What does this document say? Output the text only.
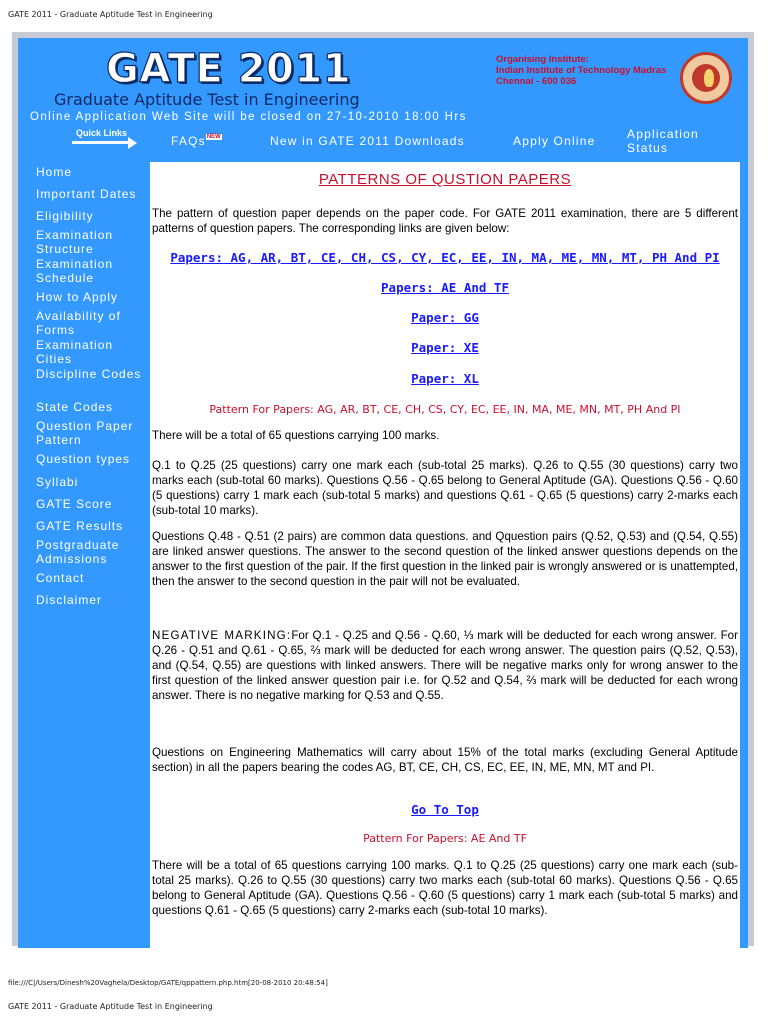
GATE 2011 - Graduate Aptitude Test in Engineering
GATE 2011
Graduate Aptitude Test in Engineering
Organising Institute:
Indian Institute of Technology Madras
Chennai - 600 036
Online Application Web Site will be closed on 27-10-2010 18:00 Hrs
Quick Links
FAQsNEW	New in GATE 2011 Downloads	Apply Online	Application
Status
Home
Important Dates
Eligibility
Examination Structure
Examination Schedule
How to Apply
Availability of Forms
Examination Cities
Discipline Codes
State Codes
Question Paper Pattern
Question types
Syllabi
GATE Score
GATE Results
Postgraduate Admissions
Contact
Disclaimer
PATTERNS OF QUSTION PAPERS
The pattern of question paper depends on the paper code. For GATE 2011 examination, there are 5 different patterns of question papers. The corresponding links are given below:
Papers: AG, AR, BT, CE, CH, CS, CY, EC, EE, IN, MA, ME, MN, MT, PH And PI
Papers: AE And TF
Paper: GG
Paper: XE
Paper: XL
Pattern For Papers: AG, AR, BT, CE, CH, CS, CY, EC, EE, IN, MA, ME, MN, MT, PH And PI
There will be a total of 65 questions carrying 100 marks.
Q.1 to Q.25 (25 questions) carry one mark each (sub-total 25 marks). Q.26 to Q.55 (30 questions) carry two marks each (sub-total 60 marks). Questions Q.56 - Q.65 belong to General Aptitude (GA). Questions Q.56 - Q.60 (5 questions) carry 1 mark each (sub-total 5 marks) and questions Q.61 - Q.65 (5 questions) carry 2-marks each (sub-total 10 marks).
Questions Q.48 - Q.51 (2 pairs) are common data questions. and Qquestion pairs (Q.52, Q.53) and (Q.54, Q.55) are linked answer questions. The answer to the second question of the linked answer questions depends on the answer to the first question of the pair. If the first question in the linked pair is wrongly answered or is unattempted, then the answer to the second question in the pair will not be evaluated.
NEGATIVE MARKING:For Q.1 - Q.25 and Q.56 - Q.60, ⅓ mark will be deducted for each wrong answer. For Q.26 - Q.51 and Q.61 - Q.65, ⅔ mark will be deducted for each wrong answer. The question pairs (Q.52, Q.53), and (Q.54, Q.55) are questions with linked answers. There will be negative marks only for wrong answer to the first question of the linked answer question pair i.e. for Q.52 and Q.54, ⅔ mark will be deducted for each wrong answer. There is no negative marking for Q.53 and Q.55.
Questions on Engineering Mathematics will carry about 15% of the total marks (excluding General Aptitude section) in all the papers bearing the codes AG, BT, CE, CH, CS, EC, EE, IN, ME, MN, MT and PI.
Go To Top
Pattern For Papers: AE And TF
There will be a total of 65 questions carrying 100 marks. Q.1 to Q.25 (25 questions) carry one mark each (sub-total 25 marks). Q.26 to Q.55 (30 questions) carry two marks each (sub-total 60 marks). Questions Q.56 - Q.65 belong to General Aptitude (GA). Questions Q.56 - Q.60 (5 questions) carry 1 mark each (sub-total 5 marks) and questions Q.61 - Q.65 (5 questions) carry 2-marks each (sub-total 10 marks).
file:///C|/Users/Dinesh%20Vaghela/Desktop/GATE/qppattern.php.htm[20-08-2010 20:48:54]
GATE 2011 - Graduate Aptitude Test in Engineering
